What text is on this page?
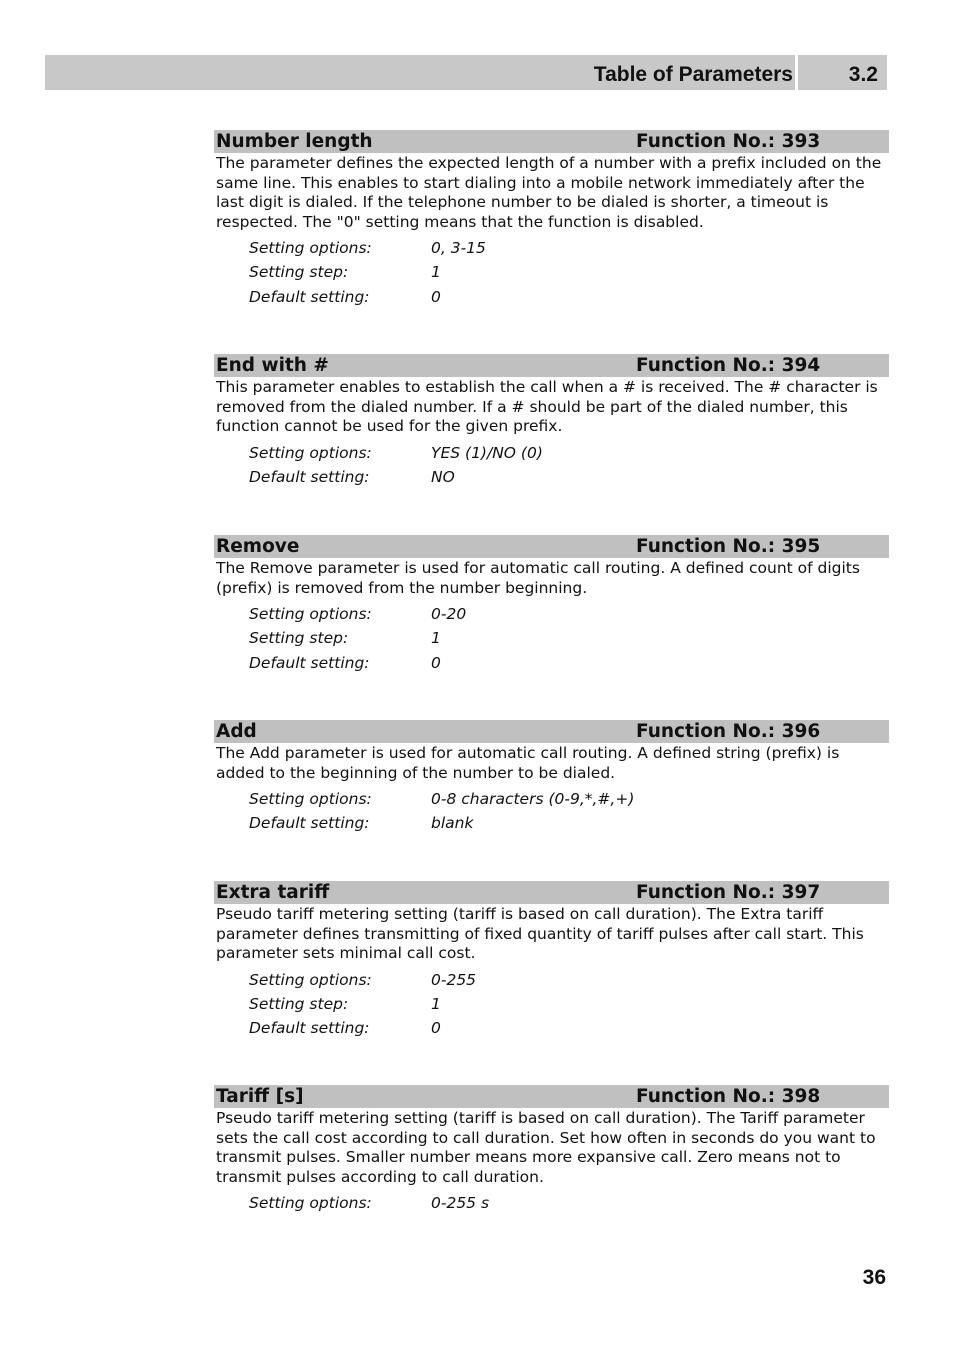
Table of Parameters	3.2
Number length	Function No.: 393
The parameter defines the expected length of a number with a prefix included on the same line. This enables to start dialing into a mobile network immediately after the last digit is dialed. If the telephone number to be dialed is shorter, a timeout is respected. The "0" setting means that the function is disabled.
Setting options:	0, 3-15
Setting step:	1
Default setting:	0
End with #	Function No.: 394
This parameter enables to establish the call when a # is received. The # character is removed from the dialed number. If a # should be part of the dialed number, this function cannot be used for the given prefix.
Setting options:	YES (1)/NO (0)
Default setting:	NO
Remove	Function No.: 395
The Remove parameter is used for automatic call routing. A defined count of digits (prefix) is removed from the number beginning.
Setting options:	0-20
Setting step:	1
Default setting:	0
Add	Function No.: 396
The Add parameter is used for automatic call routing. A defined string (prefix) is added to the beginning of the number to be dialed.
Setting options:	0-8 characters (0-9,*,#,+)
Default setting:	blank
Extra tariff	Function No.: 397
Pseudo tariff metering setting (tariff is based on call duration). The Extra tariff parameter defines transmitting of fixed quantity of tariff pulses after call start. This parameter sets minimal call cost.
Setting options:	0-255
Setting step:	1
Default setting:	0
Tariff [s]	Function No.: 398
Pseudo tariff metering setting (tariff is based on call duration). The Tariff parameter sets the call cost according to call duration. Set how often in seconds do you want to transmit pulses. Smaller number means more expansive call. Zero means not to transmit pulses according to call duration.
Setting options:	0-255 s
36
